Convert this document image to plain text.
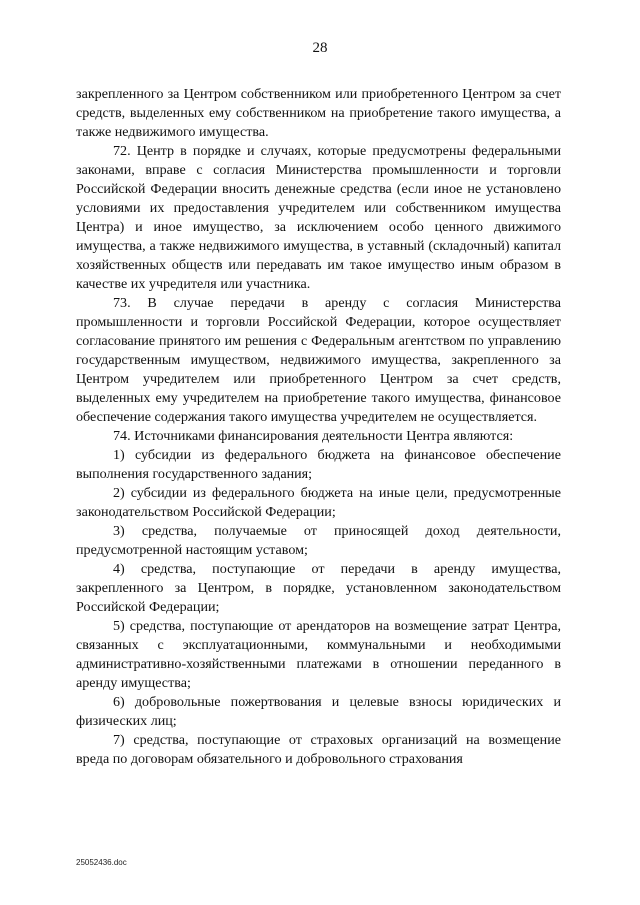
28

закрепленного за Центром собственником или приобретенного Центром за счет средств, выделенных ему собственником на приобретение такого имущества, а также недвижимого имущества.

72. Центр в порядке и случаях, которые предусмотрены федеральными законами, вправе с согласия Министерства промышленности и торговли Российской Федерации вносить денежные средства (если иное не установлено условиями их предоставления учредителем или собственником имущества Центра) и иное имущество, за исключением особо ценного движимого имущества, а также недвижимого имущества, в уставный (складочный) капитал хозяйственных обществ или передавать им такое имущество иным образом в качестве их учредителя или участника.

73. В случае передачи в аренду с согласия Министерства промышленности и торговли Российской Федерации, которое осуществляет согласование принятого им решения с Федеральным агентством по управлению государственным имуществом, недвижимого имущества, закрепленного за Центром учредителем или приобретенного Центром за счет средств, выделенных ему учредителем на приобретение такого имущества, финансовое обеспечение содержания такого имущества учредителем не осуществляется.

74. Источниками финансирования деятельности Центра являются:

1) субсидии из федерального бюджета на финансовое обеспечение выполнения государственного задания;

2) субсидии из федерального бюджета на иные цели, предусмотренные законодательством Российской Федерации;

3) средства, получаемые от приносящей доход деятельности, предусмотренной настоящим уставом;

4) средства, поступающие от передачи в аренду имущества, закрепленного за Центром, в порядке, установленном законодательством Российской Федерации;

5) средства, поступающие от арендаторов на возмещение затрат Центра, связанных с эксплуатационными, коммунальными и необходимыми административно-хозяйственными платежами в отношении переданного в аренду имущества;

6) добровольные пожертвования и целевые взносы юридических и физических лиц;

7) средства, поступающие от страховых организаций на возмещение вреда по договорам обязательного и добровольного страхования

25052436.doc
